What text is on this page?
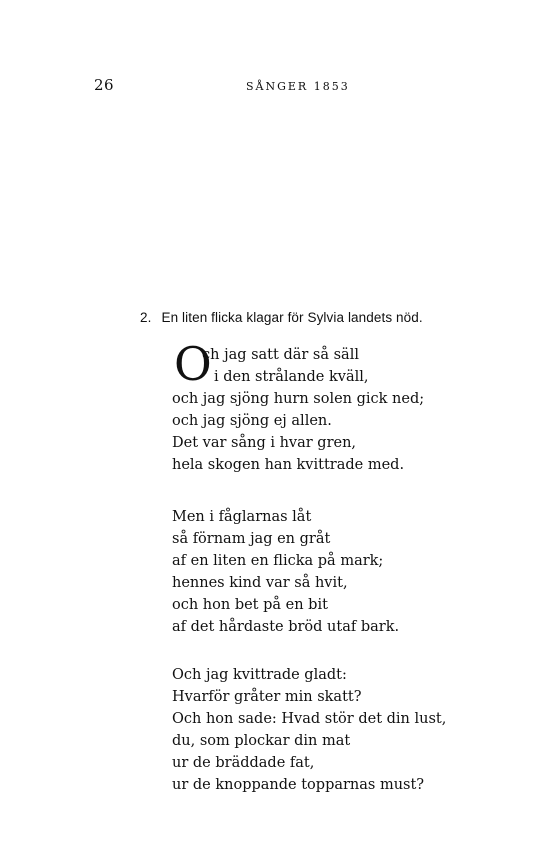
26	SÅNGER 1853
2. En liten flicka klagar för Sylvia landets nöd.
O
ch jag satt där så säll
i den strålande kväll,
och jag sjöng hurn solen gick ned;
och jag sjöng ej allen.
Det var sång i hvar gren,
hela skogen han kvittrade med.
Men i fåglarnas låt
så förnam jag en gråt
af en liten en flicka på mark;
hennes kind var så hvit,
och hon bet på en bit
af det hårdaste bröd utaf bark.
Och jag kvittrade gladt:
Hvarför gråter min skatt?
Och hon sade: Hvad stör det din lust,
du, som plockar din mat
ur de bräddade fat,
ur de knoppande topparnas must?
